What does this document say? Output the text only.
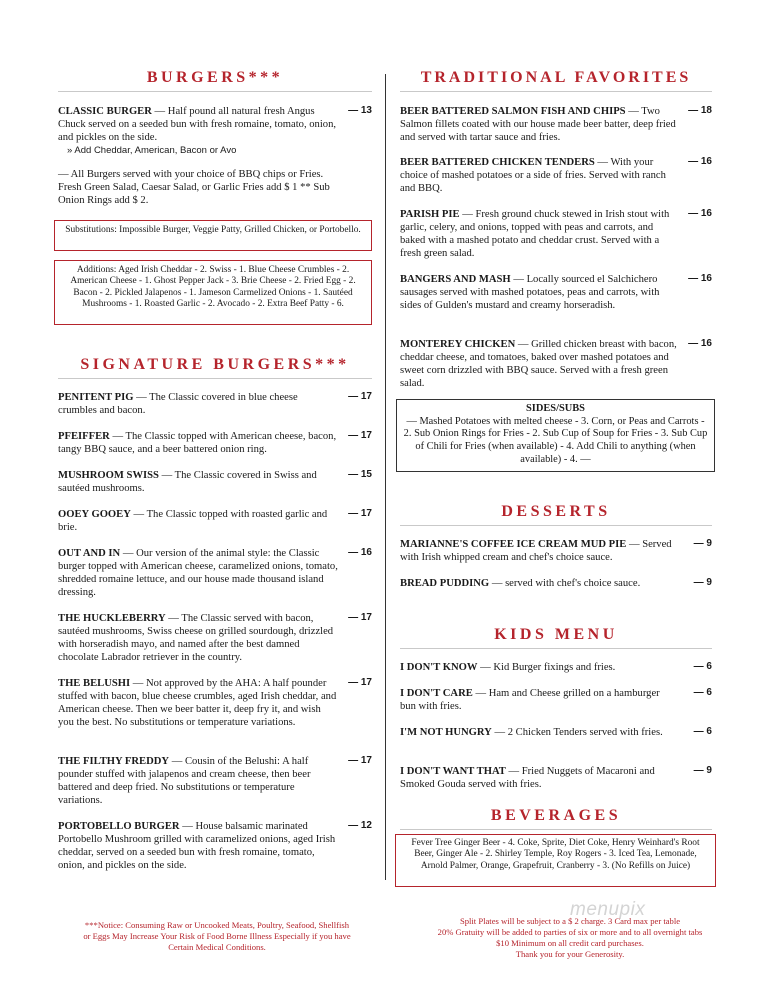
BURGERS***
CLASSIC BURGER — Half pound all natural fresh Angus Chuck served on a seeded bun with fresh romaine, tomato, onion, and pickles on the side.
— 13
» Add Cheddar, American, Bacon or Avo
— All Burgers served with your choice of BBQ chips or Fries. Fresh Green Salad, Caesar Salad, or Garlic Fries add $ 1 ** Sub Onion Rings add $ 2.
Substitutions: Impossible Burger, Veggie Patty, Grilled Chicken, or Portobello.
Additions: Aged Irish Cheddar - 2. Swiss - 1. Blue Cheese Crumbles - 2. American Cheese - 1. Ghost Pepper Jack - 3. Brie Cheese - 2. Fried Egg - 2. Bacon - 2. Pickled Jalapenos - 1. Jameson Carmelized Onions - 1. Sautéed Mushrooms - 1. Roasted Garlic - 2. Avocado - 2. Extra Beef Patty - 6.
SIGNATURE BURGERS***
PENITENT PIG — The Classic covered in blue cheese crumbles and bacon.
— 17
PFEIFFER — The Classic topped with American cheese, bacon, tangy BBQ sauce, and a beer battered onion ring.
— 17
MUSHROOM SWISS — The Classic covered in Swiss and sautéed mushrooms.
— 15
OOEY GOOEY — The Classic topped with roasted garlic and brie.
— 17
OUT AND IN — Our version of the animal style: the Classic burger topped with American cheese, caramelized onions, tomato, shredded romaine lettuce, and our house made thousand island dressing.
— 16
THE HUCKLEBERRY — The Classic served with bacon, sautéed mushrooms, Swiss cheese on grilled sourdough, drizzled with horseradish mayo, and named after the best damned chocolate Labrador retriever in the country.
— 17
THE BELUSHI — Not approved by the AHA: A half pounder stuffed with bacon, blue cheese crumbles, aged Irish cheddar, and American cheese. Then we beer batter it, deep fry it, and wish you the best. No substitutions or temperature variations.
— 17
THE FILTHY FREDDY — Cousin of the Belushi: A half pounder stuffed with jalapenos and cream cheese, then beer battered and deep fried. No substitutions or temperature variations.
— 17
PORTOBELLO BURGER — House balsamic marinated Portobello Mushroom grilled with caramelized onions, aged Irish cheddar, served on a seeded bun with fresh romaine, tomato, onion, and pickles on the side.
— 12
***Notice: Consuming Raw or Uncooked Meats, Poultry, Seafood, Shellfish or Eggs May Increase Your Risk of Food Borne Illness Especially if you have Certain Medical Conditions.
TRADITIONAL FAVORITES
BEER BATTERED SALMON FISH AND CHIPS — Two Salmon fillets coated with our house made beer batter, deep fried and served with tartar sauce and fries.
— 18
BEER BATTERED CHICKEN TENDERS — With your choice of mashed potatoes or a side of fries. Served with ranch and BBQ.
— 16
PARISH PIE — Fresh ground chuck stewed in Irish stout with garlic, celery, and onions, topped with peas and carrots, and baked with a mashed potato and cheddar crust. Served with a fresh green salad.
— 16
BANGERS AND MASH — Locally sourced el Salchichero sausages served with mashed potatoes, peas and carrots, with sides of Gulden's mustard and creamy horseradish.
— 16
MONTEREY CHICKEN — Grilled chicken breast with bacon, cheddar cheese, and tomatoes, baked over mashed potatoes and sweet corn drizzled with BBQ sauce. Served with a fresh green salad.
— 16
SIDES/SUBS
— Mashed Potatoes with melted cheese - 3. Corn, or Peas and Carrots - 2. Sub Onion Rings for Fries - 2. Sub Cup of Soup for Fries - 3. Sub Cup of Chili for Fries (when available) - 4. Add Chili to anything (when available) - 4. —
DESSERTS
MARIANNE'S COFFEE ICE CREAM MUD PIE — Served with Irish whipped cream and chef's choice sauce.
— 9
BREAD PUDDING — served with chef's choice sauce.	— 9
KIDS MENU
I DON'T KNOW — Kid Burger fixings and fries.	— 6
I DON'T CARE — Ham and Cheese grilled on a hamburger bun with fries.
— 6
I'M NOT HUNGRY — 2 Chicken Tenders served with fries.	— 6
I DON'T WANT THAT — Fried Nuggets of Macaroni and Smoked Gouda served with fries.
— 9
BEVERAGES
Fever Tree Ginger Beer - 4. Coke, Sprite, Diet Coke, Henry Weinhard's Root Beer, Ginger Ale - 2. Shirley Temple, Roy Rogers - 3. Iced Tea, Lemonade, Arnold Palmer, Orange, Grapefruit, Cranberry - 3. (No Refills on Juice)
menupix
Split Plates will be subject to a $ 2 charge. 3 Card max per table
20% Gratuity will be added to parties of six or more and to all overnight tabs
$10 Minimum on all credit card purchases.
Thank you for your Generosity.
